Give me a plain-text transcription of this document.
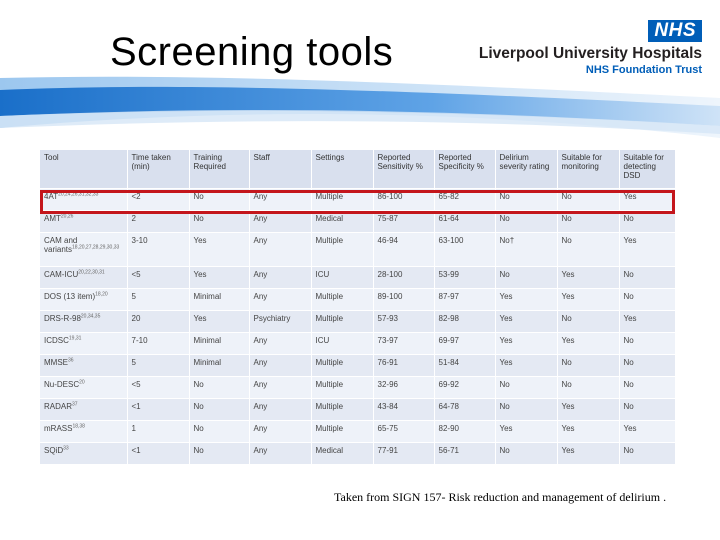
Screening tools	NHS
Liverpool University Hospitals
NHS Foundation Trust
Tool	Time taken (min)	Training Required	Staff	Settings	Reported Sensitivity %	Reported Specificity %	Delirium severity rating	Suitable for monitoring	Suitable for detecting DSD
4AT$^{20,24,26,31,32,33}$	<2	No	Any	Multiple	86-100	65-82	No	No	Yes
AMT$^{20,26}$	2	No	Any	Medical	75-87	61-64	No	No	No
CAM and variants$^{18,20,27,28,29,30,33}$	3-10	Yes	Any	Multiple	46-94	63-100	No†	No	Yes
CAM-ICU$^{20,22,30,31}$	<5	Yes	Any	ICU	28-100	53-99	No	Yes	No
DOS (13 item)$^{18,20}$	5	Minimal	Any	Multiple	89-100	87-97	Yes	Yes	No
DRS-R-98$^{20,34,35}$	20	Yes	Psychiatry	Multiple	57-93	82-98	Yes	No	Yes
ICDSC$^{19,31}$	7-10	Minimal	Any	ICU	73-97	69-97	Yes	Yes	No
MMSE$^{36}$	5	Minimal	Any	Multiple	76-91	51-84	Yes	No	No
$Nu-DESC^{20}$	<5	No	Any	Multiple	32-96	69-92	No	No	No
$RADAR^{37}$	<1	No	Any	Multiple	43-84	64-78	No	Yes	No
mRASS$^{18,38}$	1	No	Any	Multiple	65-75	82-90	Yes	Yes	Yes
SQiD$^{33}$	<1	No	Any	Medical	77-91	56-71	No	Yes	No
Taken from SIGN 157- Risk reduction and management of delirium .
